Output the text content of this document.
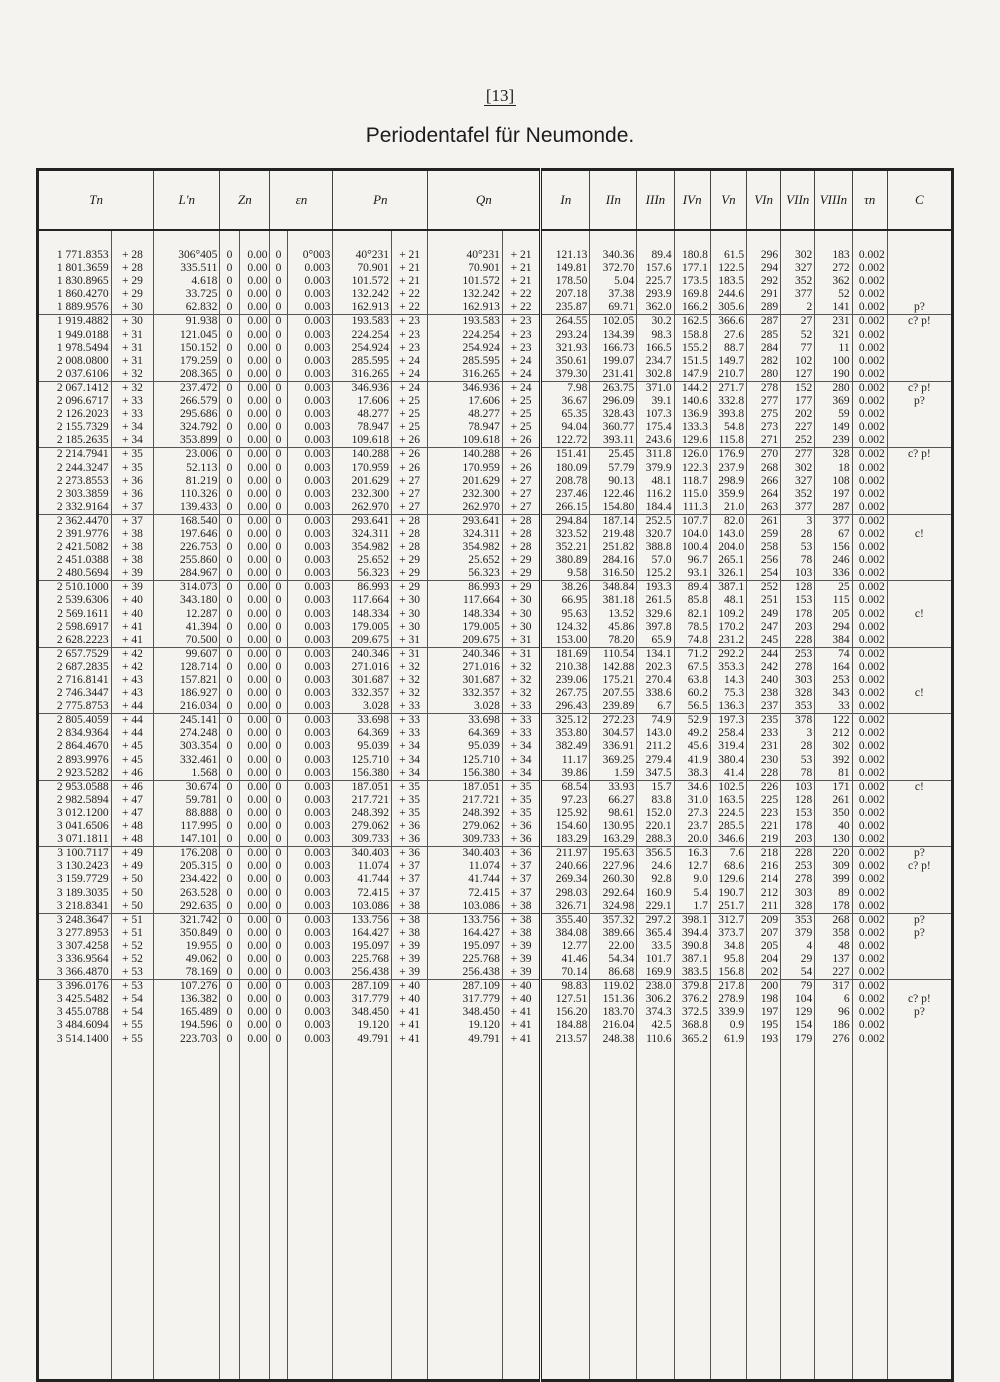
[13]
Periodentafel für Neumonde.
Tn		L'n	Zn		εn		Pn		Qn		In	IIn	IIIn	IVn	Vn	VIn	VIIn	VIIIn	τn	C

1 771.8353	+ 28	306°405	0	0.00	0	0°003	40°231	+ 21	40°231	+ 21	121.13	340.36	89.4	180.8	61.5	296	302	183	0.002	
1 801.3659	+ 28	335.511	0	0.00	0	0.003	70.901	+ 21	70.901	+ 21	149.81	372.70	157.6	177.1	122.5	294	327	272	0.002	
1 830.8965	+ 29	4.618	0	0.00	0	0.003	101.572	+ 21	101.572	+ 21	178.50	5.04	225.7	173.5	183.5	292	352	362	0.002	
1 860.4270	+ 29	33.725	0	0.00	0	0.003	132.242	+ 22	132.242	+ 22	207.18	37.38	293.9	169.8	244.6	291	377	52	0.002	
1 889.9576	+ 30	62.832	0	0.00	0	0.003	162.913	+ 22	162.913	+ 22	235.87	69.71	362.0	166.2	305.6	289	2	141	0.002	p?
1 919.4882	+ 30	91.938	0	0.00	0	0.003	193.583	+ 23	193.583	+ 23	264.55	102.05	30.2	162.5	366.6	287	27	231	0.002	c? p!
1 949.0188	+ 31	121.045	0	0.00	0	0.003	224.254	+ 23	224.254	+ 23	293.24	134.39	98.3	158.8	27.6	285	52	321	0.002	
1 978.5494	+ 31	150.152	0	0.00	0	0.003	254.924	+ 23	254.924	+ 23	321.93	166.73	166.5	155.2	88.7	284	77	11	0.002	
2 008.0800	+ 31	179.259	0	0.00	0	0.003	285.595	+ 24	285.595	+ 24	350.61	199.07	234.7	151.5	149.7	282	102	100	0.002	
2 037.6106	+ 32	208.365	0	0.00	0	0.003	316.265	+ 24	316.265	+ 24	379.30	231.41	302.8	147.9	210.7	280	127	190	0.002	
2 067.1412	+ 32	237.472	0	0.00	0	0.003	346.936	+ 24	346.936	+ 24	7.98	263.75	371.0	144.2	271.7	278	152	280	0.002	c? p!
2 096.6717	+ 33	266.579	0	0.00	0	0.003	17.606	+ 25	17.606	+ 25	36.67	296.09	39.1	140.6	332.8	277	177	369	0.002	p?
2 126.2023	+ 33	295.686	0	0.00	0	0.003	48.277	+ 25	48.277	+ 25	65.35	328.43	107.3	136.9	393.8	275	202	59	0.002	
2 155.7329	+ 34	324.792	0	0.00	0	0.003	78.947	+ 25	78.947	+ 25	94.04	360.77	175.4	133.3	54.8	273	227	149	0.002	
2 185.2635	+ 34	353.899	0	0.00	0	0.003	109.618	+ 26	109.618	+ 26	122.72	393.11	243.6	129.6	115.8	271	252	239	0.002	
2 214.7941	+ 35	23.006	0	0.00	0	0.003	140.288	+ 26	140.288	+ 26	151.41	25.45	311.8	126.0	176.9	270	277	328	0.002	c? p!
2 244.3247	+ 35	52.113	0	0.00	0	0.003	170.959	+ 26	170.959	+ 26	180.09	57.79	379.9	122.3	237.9	268	302	18	0.002	
2 273.8553	+ 36	81.219	0	0.00	0	0.003	201.629	+ 27	201.629	+ 27	208.78	90.13	48.1	118.7	298.9	266	327	108	0.002	
2 303.3859	+ 36	110.326	0	0.00	0	0.003	232.300	+ 27	232.300	+ 27	237.46	122.46	116.2	115.0	359.9	264	352	197	0.002	
2 332.9164	+ 37	139.433	0	0.00	0	0.003	262.970	+ 27	262.970	+ 27	266.15	154.80	184.4	111.3	21.0	263	377	287	0.002	
2 362.4470	+ 37	168.540	0	0.00	0	0.003	293.641	+ 28	293.641	+ 28	294.84	187.14	252.5	107.7	82.0	261	3	377	0.002	
2 391.9776	+ 38	197.646	0	0.00	0	0.003	324.311	+ 28	324.311	+ 28	323.52	219.48	320.7	104.0	143.0	259	28	67	0.002	c!
2 421.5082	+ 38	226.753	0	0.00	0	0.003	354.982	+ 28	354.982	+ 28	352.21	251.82	388.8	100.4	204.0	258	53	156	0.002	
2 451.0388	+ 38	255.860	0	0.00	0	0.003	25.652	+ 29	25.652	+ 29	380.89	284.16	57.0	96.7	265.1	256	78	246	0.002	
2 480.5694	+ 39	284.967	0	0.00	0	0.003	56.323	+ 29	56.323	+ 29	9.58	316.50	125.2	93.1	326.1	254	103	336	0.002	
2 510.1000	+ 39	314.073	0	0.00	0	0.003	86.993	+ 29	86.993	+ 29	38.26	348.84	193.3	89.4	387.1	252	128	25	0.002	
2 539.6306	+ 40	343.180	0	0.00	0	0.003	117.664	+ 30	117.664	+ 30	66.95	381.18	261.5	85.8	48.1	251	153	115	0.002	
2 569.1611	+ 40	12.287	0	0.00	0	0.003	148.334	+ 30	148.334	+ 30	95.63	13.52	329.6	82.1	109.2	249	178	205	0.002	c!
2 598.6917	+ 41	41.394	0	0.00	0	0.003	179.005	+ 30	179.005	+ 30	124.32	45.86	397.8	78.5	170.2	247	203	294	0.002	
2 628.2223	+ 41	70.500	0	0.00	0	0.003	209.675	+ 31	209.675	+ 31	153.00	78.20	65.9	74.8	231.2	245	228	384	0.002	
2 657.7529	+ 42	99.607	0	0.00	0	0.003	240.346	+ 31	240.346	+ 31	181.69	110.54	134.1	71.2	292.2	244	253	74	0.002	
2 687.2835	+ 42	128.714	0	0.00	0	0.003	271.016	+ 32	271.016	+ 32	210.38	142.88	202.3	67.5	353.3	242	278	164	0.002	
2 716.8141	+ 43	157.821	0	0.00	0	0.003	301.687	+ 32	301.687	+ 32	239.06	175.21	270.4	63.8	14.3	240	303	253	0.002	
2 746.3447	+ 43	186.927	0	0.00	0	0.003	332.357	+ 32	332.357	+ 32	267.75	207.55	338.6	60.2	75.3	238	328	343	0.002	c!
2 775.8753	+ 44	216.034	0	0.00	0	0.003	3.028	+ 33	3.028	+ 33	296.43	239.89	6.7	56.5	136.3	237	353	33	0.002	
2 805.4059	+ 44	245.141	0	0.00	0	0.003	33.698	+ 33	33.698	+ 33	325.12	272.23	74.9	52.9	197.3	235	378	122	0.002	
2 834.9364	+ 44	274.248	0	0.00	0	0.003	64.369	+ 33	64.369	+ 33	353.80	304.57	143.0	49.2	258.4	233	3	212	0.002	
2 864.4670	+ 45	303.354	0	0.00	0	0.003	95.039	+ 34	95.039	+ 34	382.49	336.91	211.2	45.6	319.4	231	28	302	0.002	
2 893.9976	+ 45	332.461	0	0.00	0	0.003	125.710	+ 34	125.710	+ 34	11.17	369.25	279.4	41.9	380.4	230	53	392	0.002	
2 923.5282	+ 46	1.568	0	0.00	0	0.003	156.380	+ 34	156.380	+ 34	39.86	1.59	347.5	38.3	41.4	228	78	81	0.002	
2 953.0588	+ 46	30.674	0	0.00	0	0.003	187.051	+ 35	187.051	+ 35	68.54	33.93	15.7	34.6	102.5	226	103	171	0.002	c!
2 982.5894	+ 47	59.781	0	0.00	0	0.003	217.721	+ 35	217.721	+ 35	97.23	66.27	83.8	31.0	163.5	225	128	261	0.002	
3 012.1200	+ 47	88.888	0	0.00	0	0.003	248.392	+ 35	248.392	+ 35	125.92	98.61	152.0	27.3	224.5	223	153	350	0.002	
3 041.6506	+ 48	117.995	0	0.00	0	0.003	279.062	+ 36	279.062	+ 36	154.60	130.95	220.1	23.7	285.5	221	178	40	0.002	
3 071.1811	+ 48	147.101	0	0.00	0	0.003	309.733	+ 36	309.733	+ 36	183.29	163.29	288.3	20.0	346.6	219	203	130	0.002	
3 100.7117	+ 49	176.208	0	0.00	0	0.003	340.403	+ 36	340.403	+ 36	211.97	195.63	356.5	16.3	7.6	218	228	220	0.002	p?
3 130.2423	+ 49	205.315	0	0.00	0	0.003	11.074	+ 37	11.074	+ 37	240.66	227.96	24.6	12.7	68.6	216	253	309	0.002	c? p!
3 159.7729	+ 50	234.422	0	0.00	0	0.003	41.744	+ 37	41.744	+ 37	269.34	260.30	92.8	9.0	129.6	214	278	399	0.002	
3 189.3035	+ 50	263.528	0	0.00	0	0.003	72.415	+ 37	72.415	+ 37	298.03	292.64	160.9	5.4	190.7	212	303	89	0.002	
3 218.8341	+ 50	292.635	0	0.00	0	0.003	103.086	+ 38	103.086	+ 38	326.71	324.98	229.1	1.7	251.7	211	328	178	0.002	
3 248.3647	+ 51	321.742	0	0.00	0	0.003	133.756	+ 38	133.756	+ 38	355.40	357.32	297.2	398.1	312.7	209	353	268	0.002	p?
3 277.8953	+ 51	350.849	0	0.00	0	0.003	164.427	+ 38	164.427	+ 38	384.08	389.66	365.4	394.4	373.7	207	379	358	0.002	p?
3 307.4258	+ 52	19.955	0	0.00	0	0.003	195.097	+ 39	195.097	+ 39	12.77	22.00	33.5	390.8	34.8	205	4	48	0.002	
3 336.9564	+ 52	49.062	0	0.00	0	0.003	225.768	+ 39	225.768	+ 39	41.46	54.34	101.7	387.1	95.8	204	29	137	0.002	
3 366.4870	+ 53	78.169	0	0.00	0	0.003	256.438	+ 39	256.438	+ 39	70.14	86.68	169.9	383.5	156.8	202	54	227	0.002	
3 396.0176	+ 53	107.276	0	0.00	0	0.003	287.109	+ 40	287.109	+ 40	98.83	119.02	238.0	379.8	217.8	200	79	317	0.002	
3 425.5482	+ 54	136.382	0	0.00	0	0.003	317.779	+ 40	317.779	+ 40	127.51	151.36	306.2	376.2	278.9	198	104	6	0.002	c? p!
3 455.0788	+ 54	165.489	0	0.00	0	0.003	348.450	+ 41	348.450	+ 41	156.20	183.70	374.3	372.5	339.9	197	129	96	0.002	p?
3 484.6094	+ 55	194.596	0	0.00	0	0.003	19.120	+ 41	19.120	+ 41	184.88	216.04	42.5	368.8	0.9	195	154	186	0.002	
3 514.1400	+ 55	223.703	0	0.00	0	0.003	49.791	+ 41	49.791	+ 41	213.57	248.38	110.6	365.2	61.9	193	179	276	0.002	
